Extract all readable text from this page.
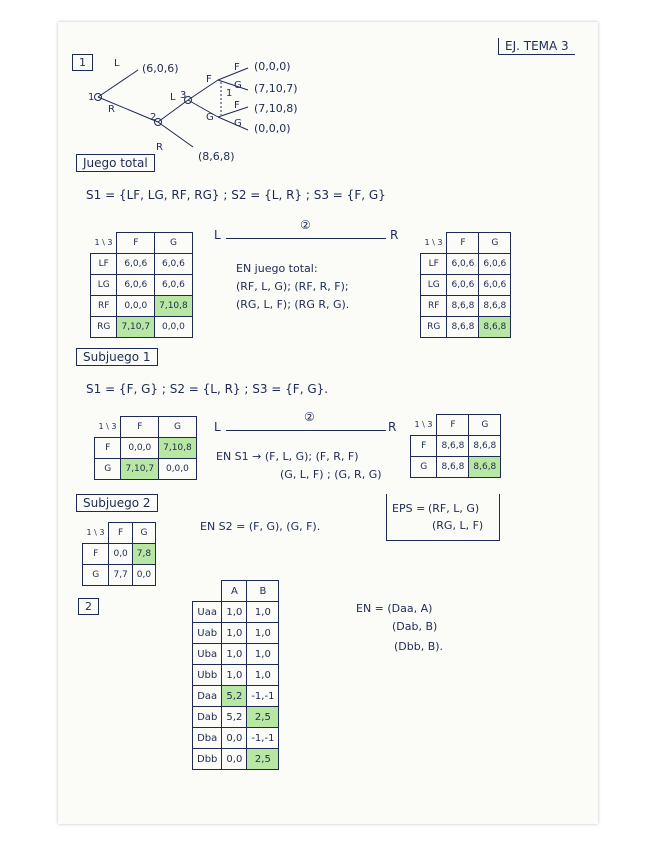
EJ. TEMA 3
1
1
2
3	1
L
R
L
R
F
G
F
G
F
G
(6,0,6)
(8,6,8)
(0,0,0)
(7,10,7)
(7,10,8)
(0,0,0)
Juego total
S1 = {LF, LG, RF, RG} ; S2 = {L, R} ; S3 = {F, G}
1 \ 3	F	G
LF	6,0,6	6,0,6
LG	6,0,6	6,0,6
RF	0,0,0	7,10,8
RG	7,10,7	0,0,0
L
②
R
EN juego total:
(RF, L, G); (RF, R, F);
(RG, L, F); (RG R, G).
1 \ 3	F	G
LF	6,0,6	6,0,6
LG	6,0,6	6,0,6
RF	8,6,8	8,6,8
RG	8,6,8	8,6,8
Subjuego 1
S1 = {F, G} ; S2 = {L, R} ; S3 = {F, G}.
1 \ 3	F	G
F	0,0,0	7,10,8
G	7,10,7	0,0,0
L
②
R
EN S1 → (F, L, G); (F, R, F)
(G, L, F) ; (G, R, G)
1 \ 3	F	G
F	8,6,8	8,6,8
G	8,6,8	8,6,8
Subjuego 2
1 \ 3	F	G
F	0,0	7,8
G	7,7	0,0
EN S2 = (F, G), (G, F).
EPS = (RF, L, G)
(RG, L, F)
2
	A	B
Uaa	1,0	1,0
Uab	1,0	1,0
Uba	1,0	1,0
Ubb	1,0	1,0
Daa	5,2	-1,-1
Dab	5,2	2,5
Dba	0,0	-1,-1
Dbb	0,0	2,5
EN = (Daa, A)
(Dab, B)
(Dbb, B).
